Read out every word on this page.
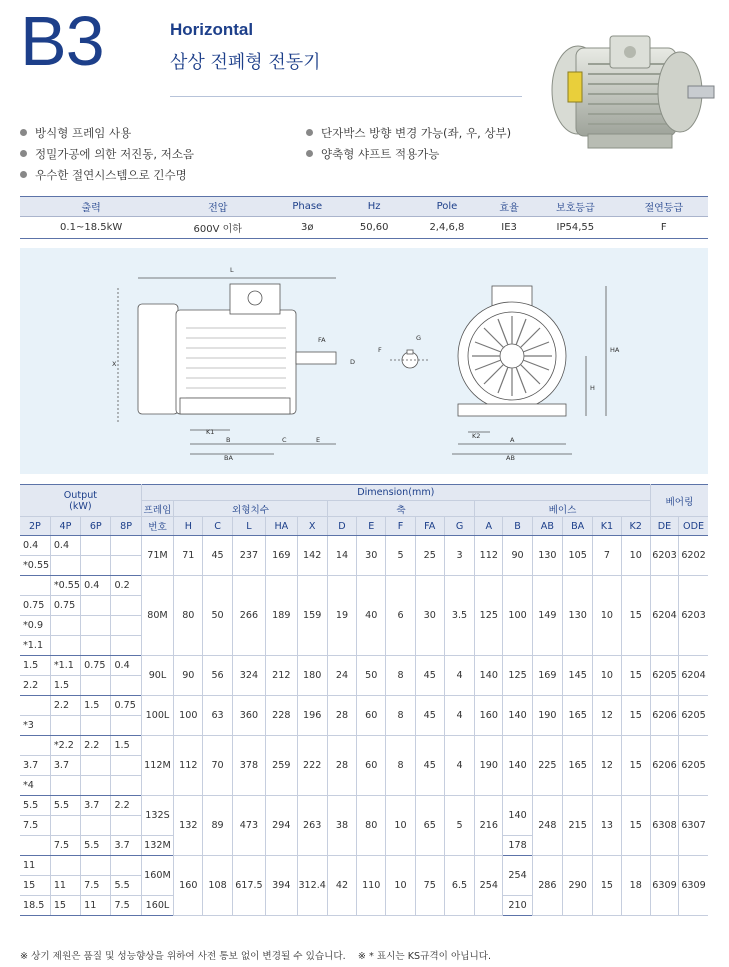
B3	Horizontal
삼상 전폐형 전동기
방식형 프레임 사용
정밀가공에 의한 저진동, 저소음
우수한 절연시스템으로 긴수명
단자박스 방향 변경 가능(좌, 우, 상부)
양축형 샤프트 적용가능
출력	전압	Phase	Hz	Pole	효율	보호등급	절연등급
0.1~18.5kW	600V 이하	3ø	50,60	2,4,6,8	IE3	IP54,55	F
L
X
K1
B
BA
C	E
FA
D
F
G
K2	A
AB
H
HA
Output
(kW)				Dimension(mm)																	베어링	
				프레임	외형치수					축					베이스							
2P	4P	6P	8P	번호	H	C	L	HA	X	D	E	F	FA	G	A	B	AB	BA	K1	K2	DE	ODE
0.4	0.4			71M	71	45	237	169	142	14	30	5	25	3	112	90	130	105	7	10	6203	6202
*0.55																						
	*0.55	0.4	0.2	80M	80	50	266	189	159	19	40	6	30	3.5	125	100	149	130	10	15	6204	6203
0.75	0.75																					
*0.9																						
*1.1																						
1.5	*1.1	0.75	0.4	90L	90	56	324	212	180	24	50	8	45	4	140	125	169	145	10	15	6205	6204
2.2	1.5																					
	2.2	1.5	0.75	100L	100	63	360	228	196	28	60	8	45	4	160	140	190	165	12	15	6206	6205
*3																						
	*2.2	2.2	1.5	112M	112	70	378	259	222	28	60	8	45	4	190	140	225	165	12	15	6206	6205
3.7	3.7																					
*4																						
5.5	5.5	3.7	2.2	132S	132	89	473	294	263	38	80	10	65	5	216	140	248	215	13	15	6308	6307
7.5																						
	7.5	5.5	3.7	132M												178						
11				160M	160	108	617.5	394	312.4	42	110	10	75	6.5	254	254	286	290	15	18	6309	6309
15	11	7.5	5.5																			
18.5	15	11	7.5	160L												210						
※ 상기 제원은 품질 및 성능향상을 위하여 사전 통보 없이 변경될 수 있습니다. ※ * 표시는 KS규격이 아닙니다.
